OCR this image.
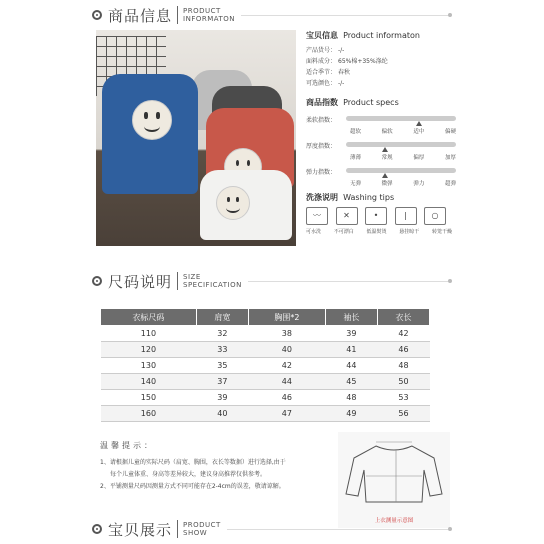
商品信息 PRODUCT
INFORMATON
宝贝信息 Product informaton
产品货号： -/-
面料成分： 65%棉+35%涤纶
适合季节： 春秋
可选颜色： -/-
商品指数 Product specs
柔软指数：
超软	偏软	适中	偏硬
厚度指数：
薄薄	常规	偏厚	加厚
弹力指数：
无弹	微弹	弹力	超弹
洗涤说明 Washing tips
〰	✕	•	|	○
可水洗	不可漂白	低温熨烫	悬挂晾干	转笼干燥
尺码说明 SIZE
SPECIFICATION
衣标尺码	肩宽	胸围*2	袖长	衣长
110	32	38	39	42
120	33	40	41	46
130	35	42	44	48
140	37	44	45	50
150	39	46	48	53
160	40	47	49	56
温馨提示：
1、请根据儿童的实际尺码（肩宽、胸围，衣长等数据）进行选择,由于
每个儿童体重、身高等差异较大，建议身高推荐仅供参考。
2、平铺测量尺码因测量方式不同可能存在2-4cm的误差，敬请谅解。
上衣测量示意图
宝贝展示 PRODUCT
SHOW
